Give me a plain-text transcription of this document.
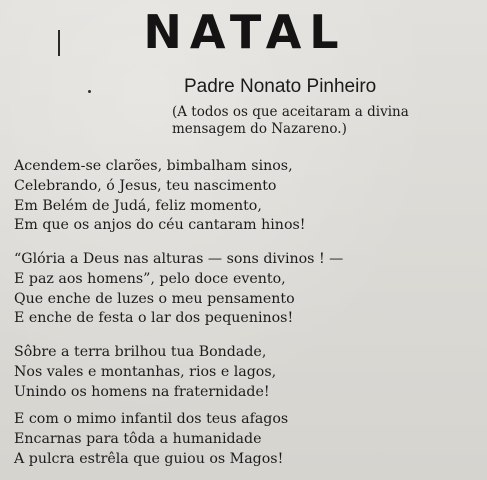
NATAL
Padre Nonato Pinheiro
(A todos os que aceitaram a divina
mensagem do Nazareno.)
Acendem-se clarões, bimbalham sinos,
Celebrando, ó Jesus, teu nascimento
Em Belém de Judá, feliz momento,
Em que os anjos do céu cantaram hinos!
“Glória a Deus nas alturas — sons divinos ! —
E paz aos homens”, pelo doce evento,
Que enche de luzes o meu pensamento
E enche de festa o lar dos pequeninos!
Sôbre a terra brilhou tua Bondade,
Nos vales e montanhas, rios e lagos,
Unindo os homens na fraternidade!
E com o mimo infantil dos teus afagos
Encarnas para tôda a humanidade
A pulcra estrêla que guiou os Magos!
